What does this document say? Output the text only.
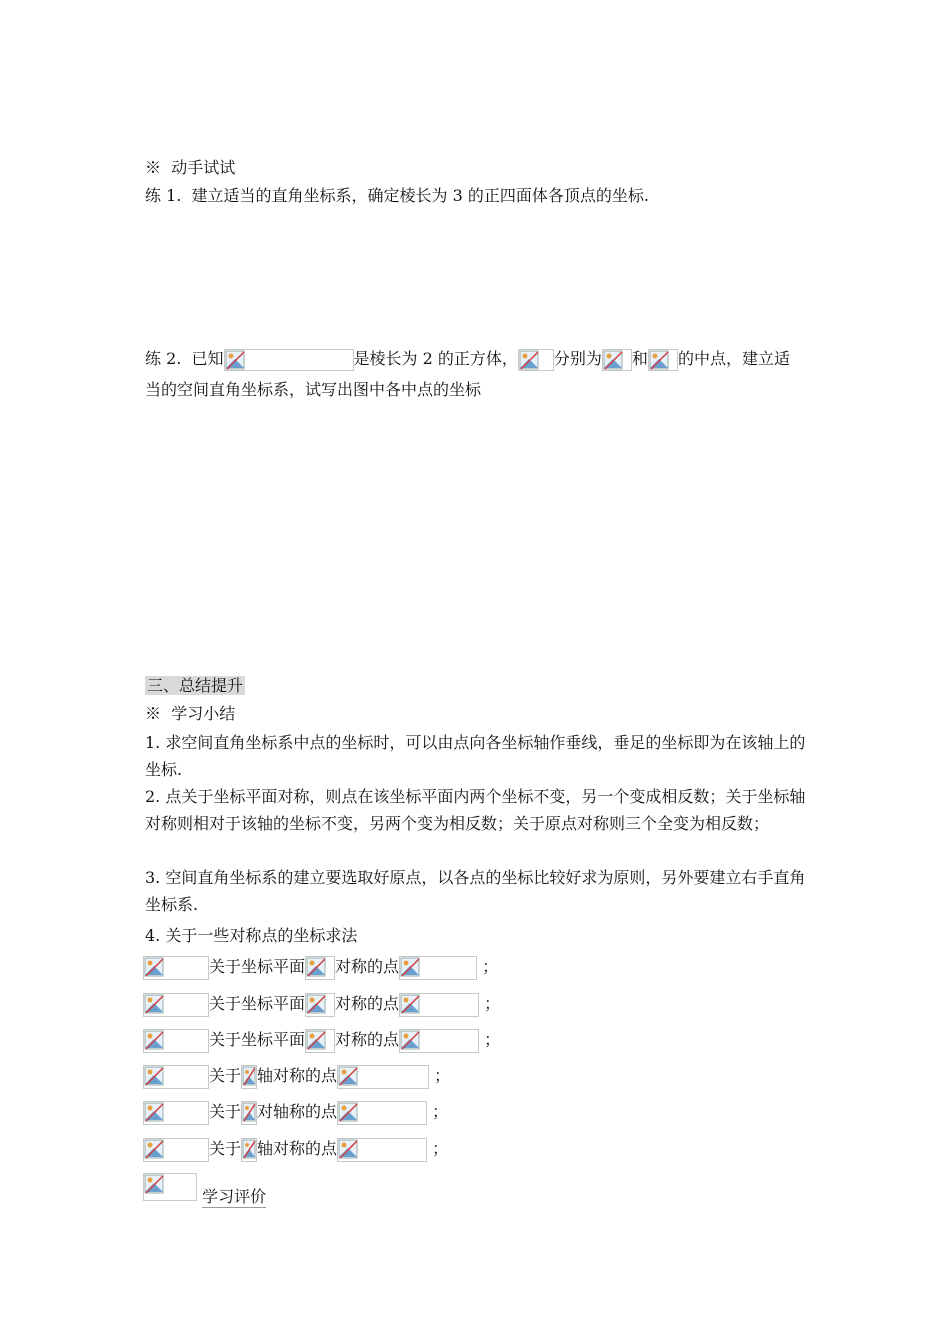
※ 动手试试
练 1. 建立适当的直角坐标系，确定棱长为 3 的正四面体各顶点的坐标.
练 2. 已知	是棱长为 2 的正方体， 分别为 和 的中点，建立适
当的空间直角坐标系，试写出图中各中点的坐标
三、总结提升
※ 学习小结
1. 求空间直角坐标系中点的坐标时，可以由点向各坐标轴作垂线，垂足的坐标即为在该轴上的坐标.
2. 点关于坐标平面对称，则点在该坐标平面内两个坐标不变，另一个变成相反数；关于坐标轴对称则相对于该轴的坐标不变，另两个变为相反数；关于原点对称则三个全变为相反数；
3. 空间直角坐标系的建立要选取好原点，以各点的坐标比较好求为原则，另外要建立右手直角坐标系.
4. 关于一些对称点的坐标求法
关于坐标平面 对称的点	；
关于坐标平面 对称的点	；
关于坐标平面 对称的点	；
关于 轴对称的点	；
关于 对轴称的点	；
关于 轴对称的点	；
学习评价
